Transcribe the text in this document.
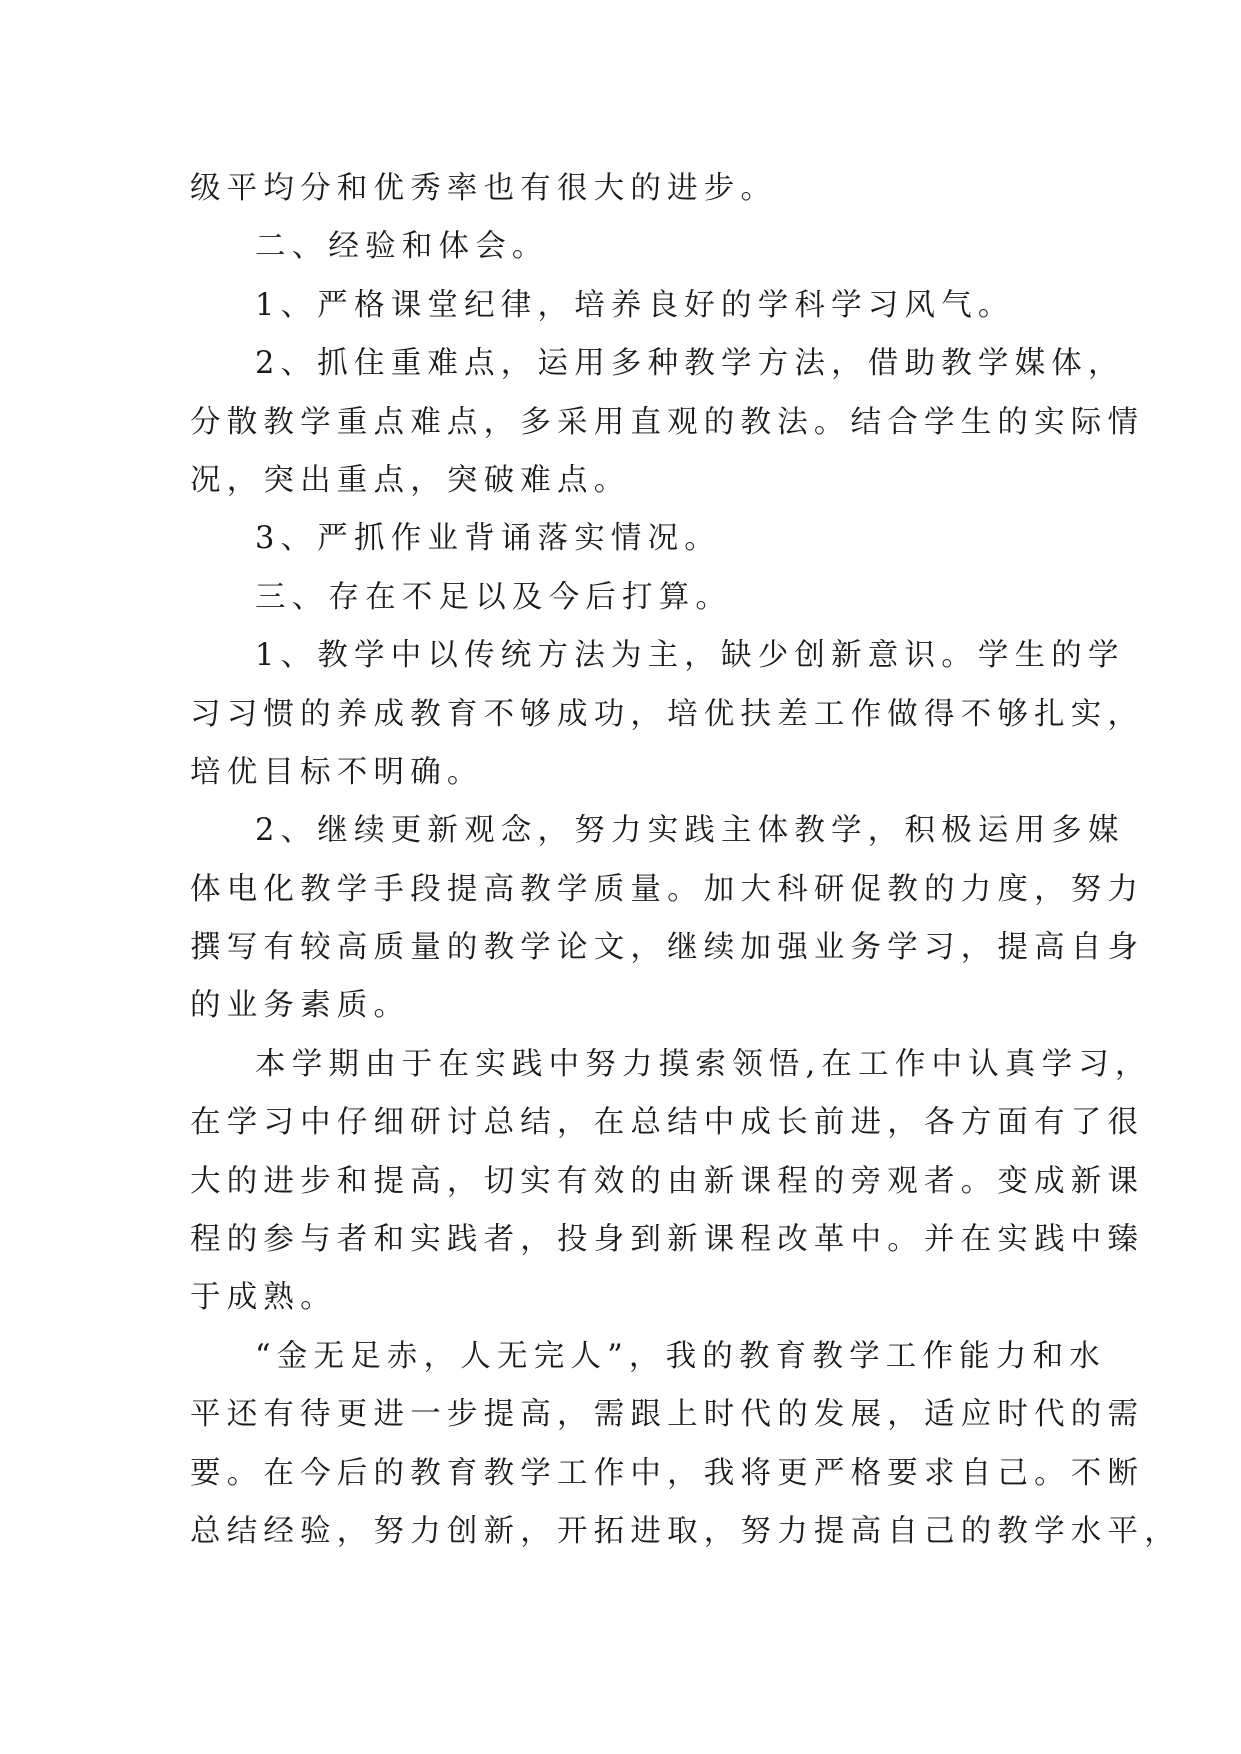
级平均分和优秀率也有很大的进步。
二、经验和体会。
1、严格课堂纪律，培养良好的学科学习风气。
2、抓住重难点，运用多种教学方法，借助教学媒体，
分散教学重点难点，多采用直观的教法。结合学生的实际情
况，突出重点，突破难点。
3、严抓作业背诵落实情况。
三、存在不足以及今后打算。
1、教学中以传统方法为主，缺少创新意识。学生的学
习习惯的养成教育不够成功，培优扶差工作做得不够扎实，
培优目标不明确。
2、继续更新观念，努力实践主体教学，积极运用多媒
体电化教学手段提高教学质量。加大科研促教的力度，努力
撰写有较高质量的教学论文，继续加强业务学习，提高自身
的业务素质。
本学期由于在实践中努力摸索领悟,在工作中认真学习，
在学习中仔细研讨总结，在总结中成长前进，各方面有了很
大的进步和提高，切实有效的由新课程的旁观者。变成新课
程的参与者和实践者，投身到新课程改革中。并在实践中臻
于成熟。
“金无足赤，人无完人”，我的教育教学工作能力和水
平还有待更进一步提高，需跟上时代的发展，适应时代的需
要。在今后的教育教学工作中，我将更严格要求自己。不断
总结经验，努力创新，开拓进取，努力提高自己的教学水平，
